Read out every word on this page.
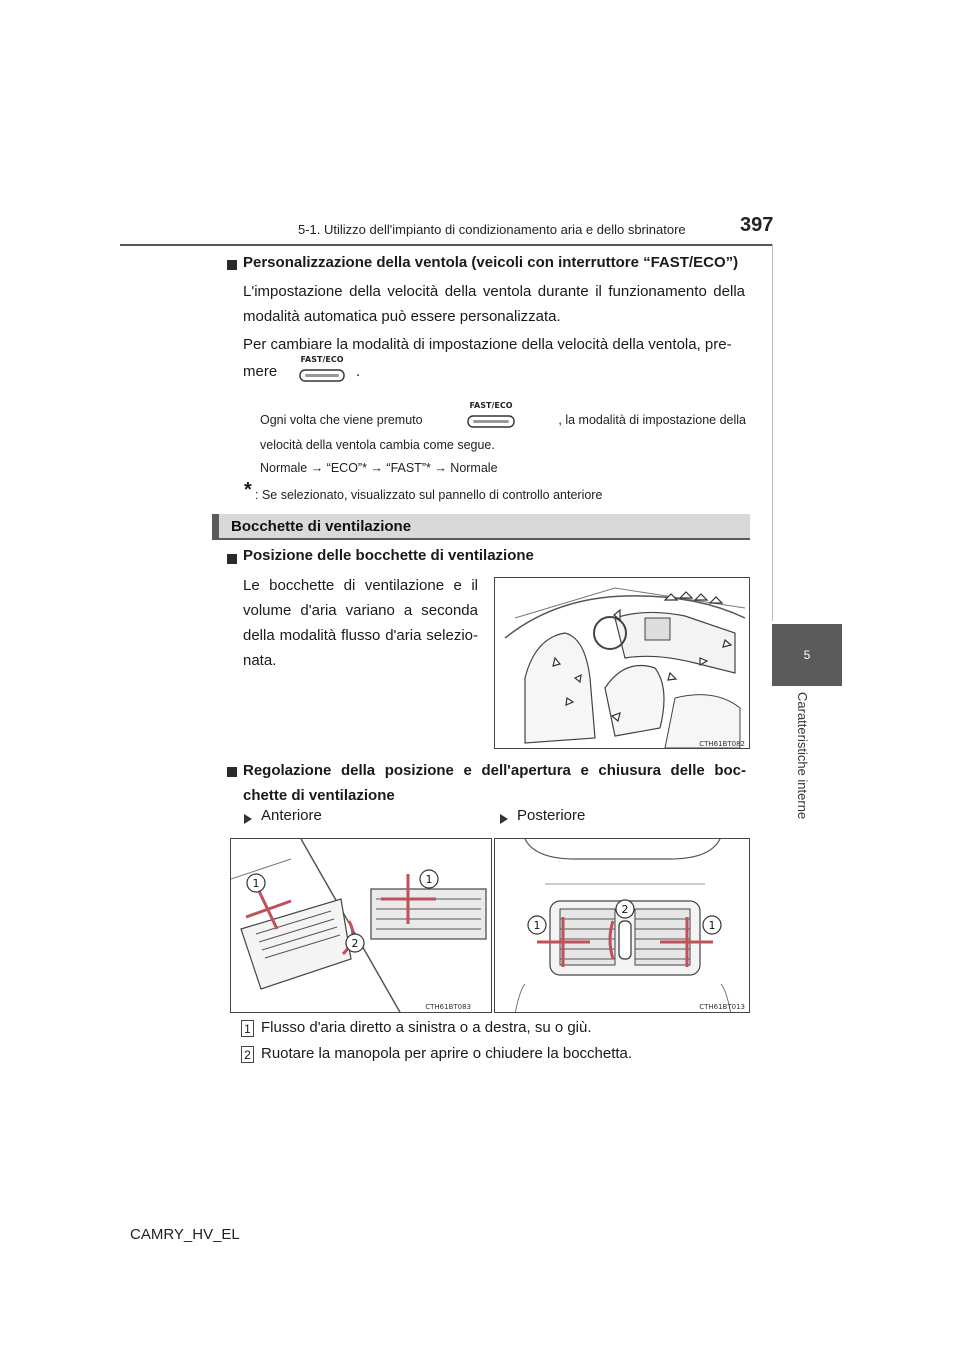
5-1. Utilizzo dell'impianto di condizionamento aria e dello sbrinatore	397
5
Caratteristiche interne
Personalizzazione della ventola (veicoli con interruttore “FAST/ECO”)
L'impostazione della velocità della ventola durante il funzionamento della modalità automatica può essere personalizzata.
Per cambiare la modalità di impostazione della velocità della ventola, pre-
mere
FAST/ECO
.
Ogni volta che viene premuto
FAST/ECO
, la modalità di impostazione della
velocità della ventola cambia come segue.
Normale → “ECO”* → “FAST”* → Normale
* : Se selezionato, visualizzato sul pannello di controllo anteriore
Bocchette di ventilazione
Posizione delle bocchette di ventilazione
Le bocchette di ventilazione e il volume d'aria variano a seconda della modalità flusso d'aria selezio-nata.
CTH61BT082
Regolazione della posizione e dell'apertura e chiusura delle boc-chette di ventilazione
Anteriore	Posteriore
1	1
2
CTH61BT083
1
2
1
CTH61BT013
1 Flusso d'aria diretto a sinistra o a destra, su o giù.
2 Ruotare la manopola per aprire o chiudere la bocchetta.
CAMRY_HV_EL
